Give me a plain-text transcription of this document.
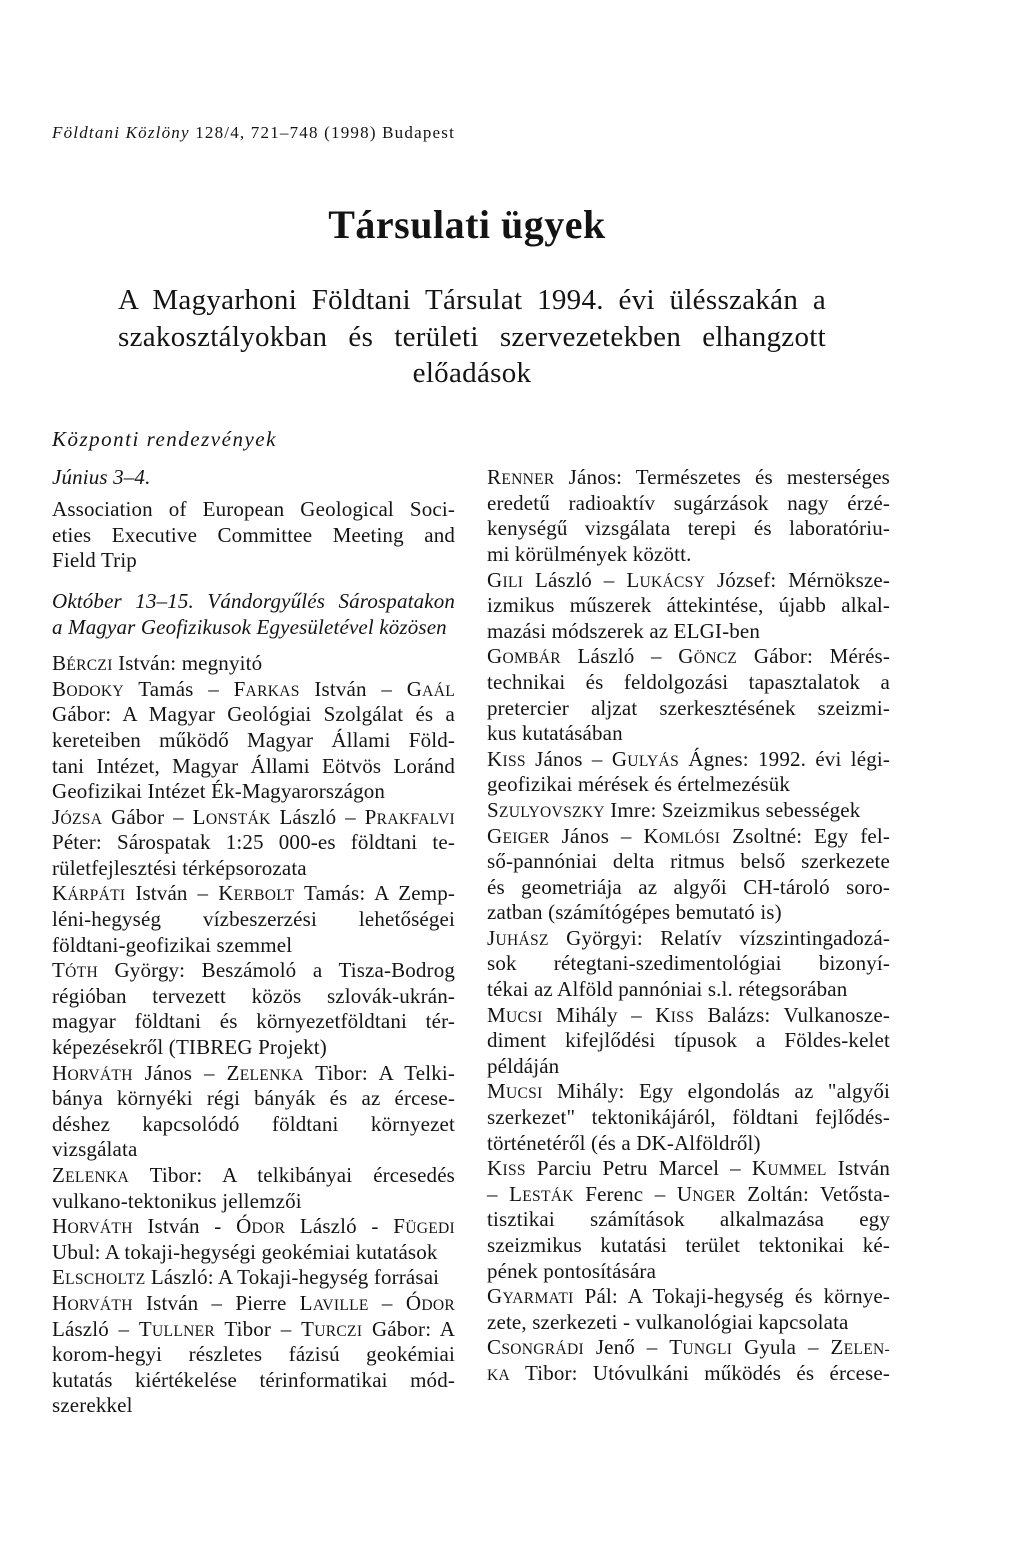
Földtani Közlöny 128/4, 721–748 (1998) Budapest
Társulati ügyek
A Magyarhoni Földtani Társulat 1994. évi ülésszakán a
szakosztályokban és területi szervezetekben elhangzott
előadások
Központi rendezvények
Június 3–4.
Association of European Geological Soci-
eties Executive Committee Meeting and
Field Trip
Október 13–15. Vándorgyűlés Sárospatakon
a Magyar Geofizikusok Egyesületével közösen
BÉRCZI István: megnyitó
BODOKY Tamás – FARKAS István – GAÁL
Gábor: A Magyar Geológiai Szolgálat és a
kereteiben működő Magyar Állami Föld-
tani Intézet, Magyar Állami Eötvös Loránd
Geofizikai Intézet Ék-Magyarországon
JÓZSA Gábor – LONSTÁK László – PRAKFALVI
Péter: Sárospatak 1:25 000-es földtani te-
rületfejlesztési térképsorozata
KÁRPÁTI István – KERBOLT Tamás: A Zemp-
léni-hegység vízbeszerzési lehetőségei
földtani-geofizikai szemmel
TÓTH György: Beszámoló a Tisza-Bodrog
régióban tervezett közös szlovák-ukrán-
magyar földtani és környezetföldtani tér-
képezésekről (TIBREG Projekt)
HORVÁTH János – ZELENKA Tibor: A Telki-
bánya környéki régi bányák és az ércese-
déshez kapcsolódó földtani környezet
vizsgálata
ZELENKA Tibor: A telkibányai ércesedés
vulkano-tektonikus jellemzői
HORVÁTH István - ÓDOR László - FÜGEDI
Ubul: A tokaji-hegységi geokémiai kutatások
ELSCHOLTZ László: A Tokaji-hegység forrásai
HORVÁTH István – Pierre LAVILLE – ÓDOR
László – TULLNER Tibor – TURCZI Gábor: A
korom-hegyi részletes fázisú geokémiai
kutatás kiértékelése térinformatikai mód-
szerekkel
RENNER János: Természetes és mesterséges
eredetű radioaktív sugárzások nagy érzé-
kenységű vizsgálata terepi és laboratóriu-
mi körülmények között.
GILI László – LUKÁCSY József: Mérnöksze-
izmikus műszerek áttekintése, újabb alkal-
mazási módszerek az ELGI-ben
GOMBÁR László – GÖNCZ Gábor: Mérés-
technikai és feldolgozási tapasztalatok a
pretercier aljzat szerkesztésének szeizmi-
kus kutatásában
KISS János – GULYÁS Ágnes: 1992. évi légi-
geofizikai mérések és értelmezésük
SZULYOVSZKY Imre: Szeizmikus sebességek
GEIGER János – KOMLÓSI Zsoltné: Egy fel-
ső-pannóniai delta ritmus belső szerkezete
és geometriája az algyői CH-tároló soro-
zatban (számítógépes bemutató is)
JUHÁSZ Györgyi: Relatív vízszintingadozá-
sok rétegtani-szedimentológiai bizonyí-
tékai az Alföld pannóniai s.l. rétegsorában
MUCSI Mihály – KISS Balázs: Vulkanosze-
diment kifejlődési típusok a Földes-kelet
példáján
MUCSI Mihály: Egy elgondolás az "algyői
szerkezet" tektonikájáról, földtani fejlődés-
történetéről (és a DK-Alföldről)
KISS Parciu Petru Marcel – KUMMEL István
– LESTÁK Ferenc – UNGER Zoltán: Vetősta-
tisztikai számítások alkalmazása egy
szeizmikus kutatási terület tektonikai ké-
pének pontosítására
GYARMATI Pál: A Tokaji-hegység és környe-
zete, szerkezeti - vulkanológiai kapcsolata
CSONGRÁDI Jenő – TUNGLI Gyula – ZELEN-
KA Tibor: Utóvulkáni működés és ércese-
